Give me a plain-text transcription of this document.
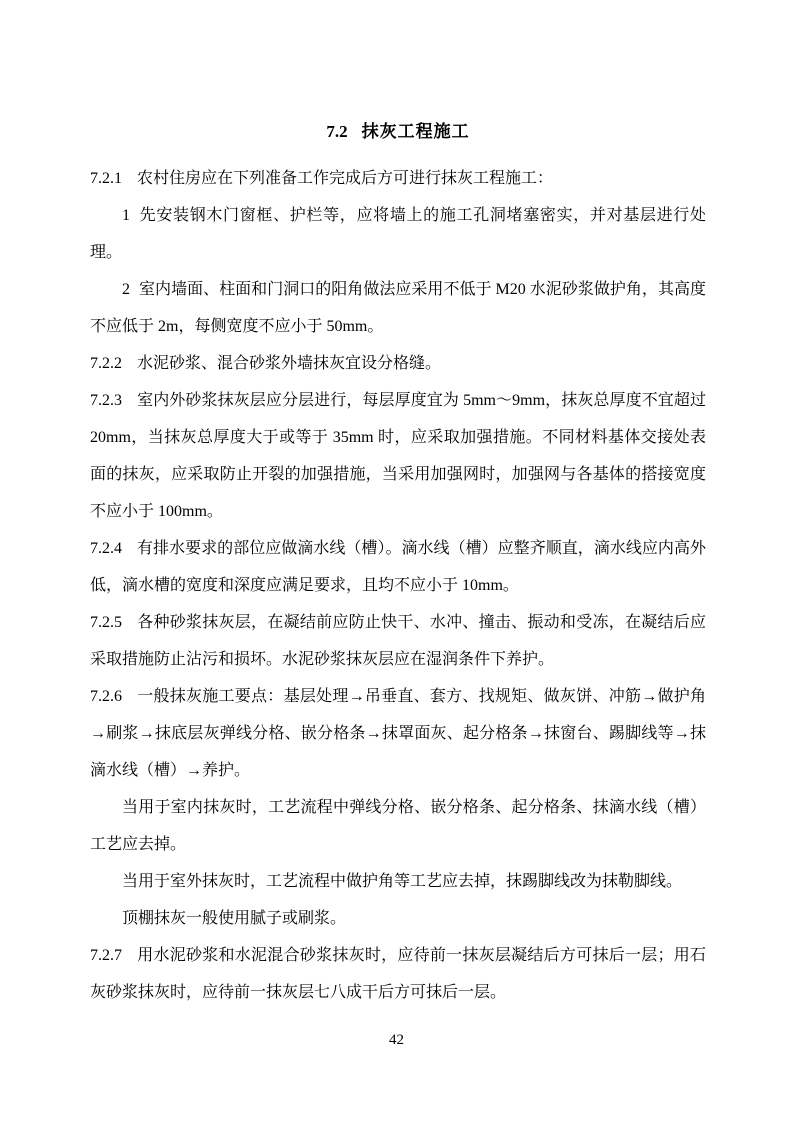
7.2 抹灰工程施工

7.2.1 农村住房应在下列准备工作完成后方可进行抹灰工程施工：

1 先安装钢木门窗框、护栏等，应将墙上的施工孔洞堵塞密实，并对基层进行处理。

2 室内墙面、柱面和门洞口的阳角做法应采用不低于 M20 水泥砂浆做护角，其高度不应低于 2m，每侧宽度不应小于 50mm。

7.2.2 水泥砂浆、混合砂浆外墙抹灰宜设分格缝。

7.2.3 室内外砂浆抹灰层应分层进行，每层厚度宜为 5mm～9mm，抹灰总厚度不宜超过 20mm，当抹灰总厚度大于或等于 35mm 时，应采取加强措施。不同材料基体交接处表面的抹灰，应采取防止开裂的加强措施，当采用加强网时，加强网与各基体的搭接宽度不应小于 100mm。

7.2.4 有排水要求的部位应做滴水线（槽）。滴水线（槽）应整齐顺直，滴水线应内高外低，滴水槽的宽度和深度应满足要求，且均不应小于 10mm。

7.2.5 各种砂浆抹灰层，在凝结前应防止快干、水冲、撞击、振动和受冻，在凝结后应采取措施防止沾污和损坏。水泥砂浆抹灰层应在湿润条件下养护。

7.2.6 一般抹灰施工要点：基层处理→吊垂直、套方、找规矩、做灰饼、冲筋→做护角→刷浆→抹底层灰弹线分格、嵌分格条→抹罩面灰、起分格条→抹窗台、踢脚线等→抹滴水线（槽）→养护。

当用于室内抹灰时，工艺流程中弹线分格、嵌分格条、起分格条、抹滴水线（槽）工艺应去掉。

当用于室外抹灰时，工艺流程中做护角等工艺应去掉，抹踢脚线改为抹勒脚线。

顶棚抹灰一般使用腻子或刷浆。

7.2.7 用水泥砂浆和水泥混合砂浆抹灰时，应待前一抹灰层凝结后方可抹后一层；用石灰砂浆抹灰时，应待前一抹灰层七八成干后方可抹后一层。

42
